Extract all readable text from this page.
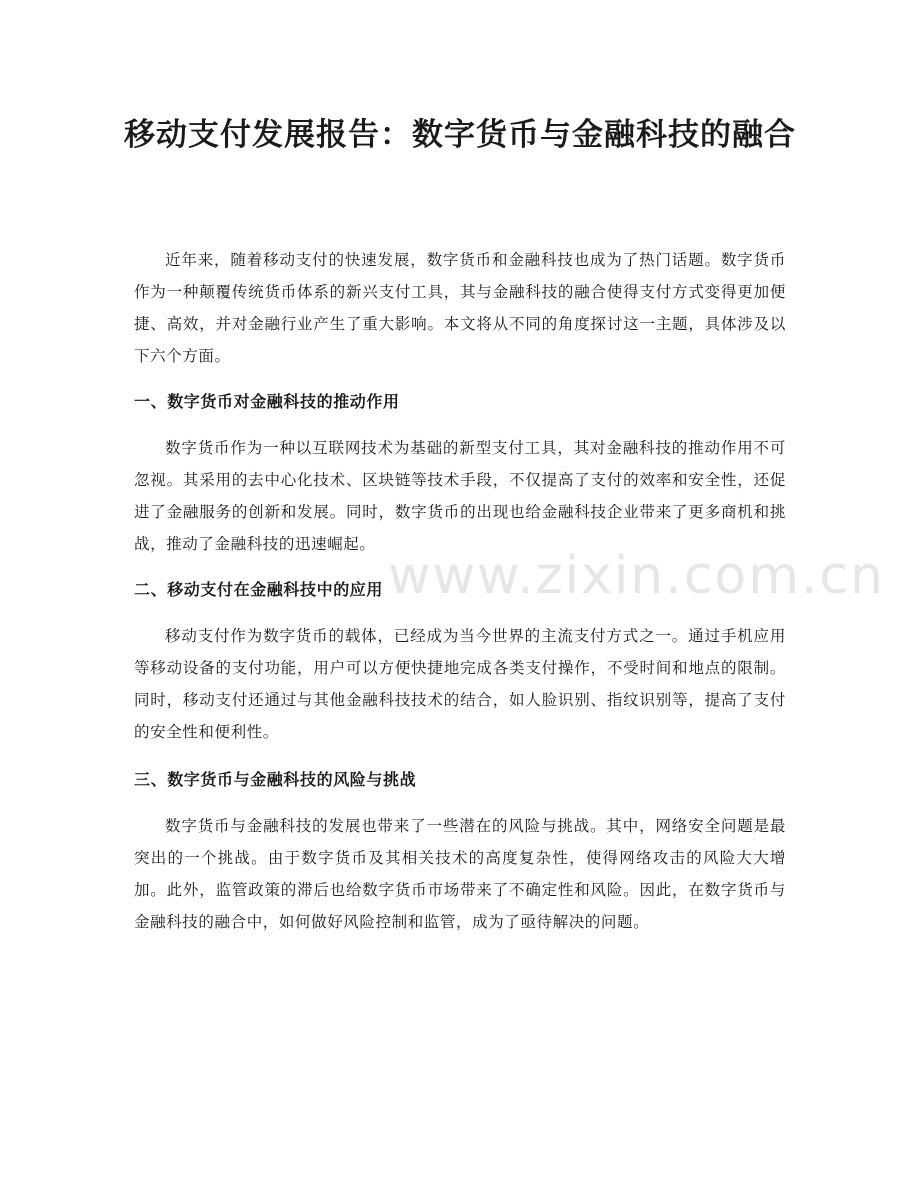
移动支付发展报告：数字货币与金融科技的融合

近年来，随着移动支付的快速发展，数字货币和金融科技也成为了热门话题。数字货币作为一种颠覆传统货币体系的新兴支付工具，其与金融科技的融合使得支付方式变得更加便捷、高效，并对金融行业产生了重大影响。本文将从不同的角度探讨这一主题，具体涉及以下六个方面。

一、数字货币对金融科技的推动作用

数字货币作为一种以互联网技术为基础的新型支付工具，其对金融科技的推动作用不可忽视。其采用的去中心化技术、区块链等技术手段，不仅提高了支付的效率和安全性，还促进了金融服务的创新和发展。同时，数字货币的出现也给金融科技企业带来了更多商机和挑战，推动了金融科技的迅速崛起。

二、移动支付在金融科技中的应用

移动支付作为数字货币的载体，已经成为当今世界的主流支付方式之一。通过手机应用等移动设备的支付功能，用户可以方便快捷地完成各类支付操作，不受时间和地点的限制。同时，移动支付还通过与其他金融科技技术的结合，如人脸识别、指纹识别等，提高了支付的安全性和便利性。

三、数字货币与金融科技的风险与挑战

数字货币与金融科技的发展也带来了一些潜在的风险与挑战。其中，网络安全问题是最突出的一个挑战。由于数字货币及其相关技术的高度复杂性，使得网络攻击的风险大大增加。此外，监管政策的滞后也给数字货币市场带来了不确定性和风险。因此，在数字货币与金融科技的融合中，如何做好风险控制和监管，成为了亟待解决的问题。

www.zixin.com.cn
